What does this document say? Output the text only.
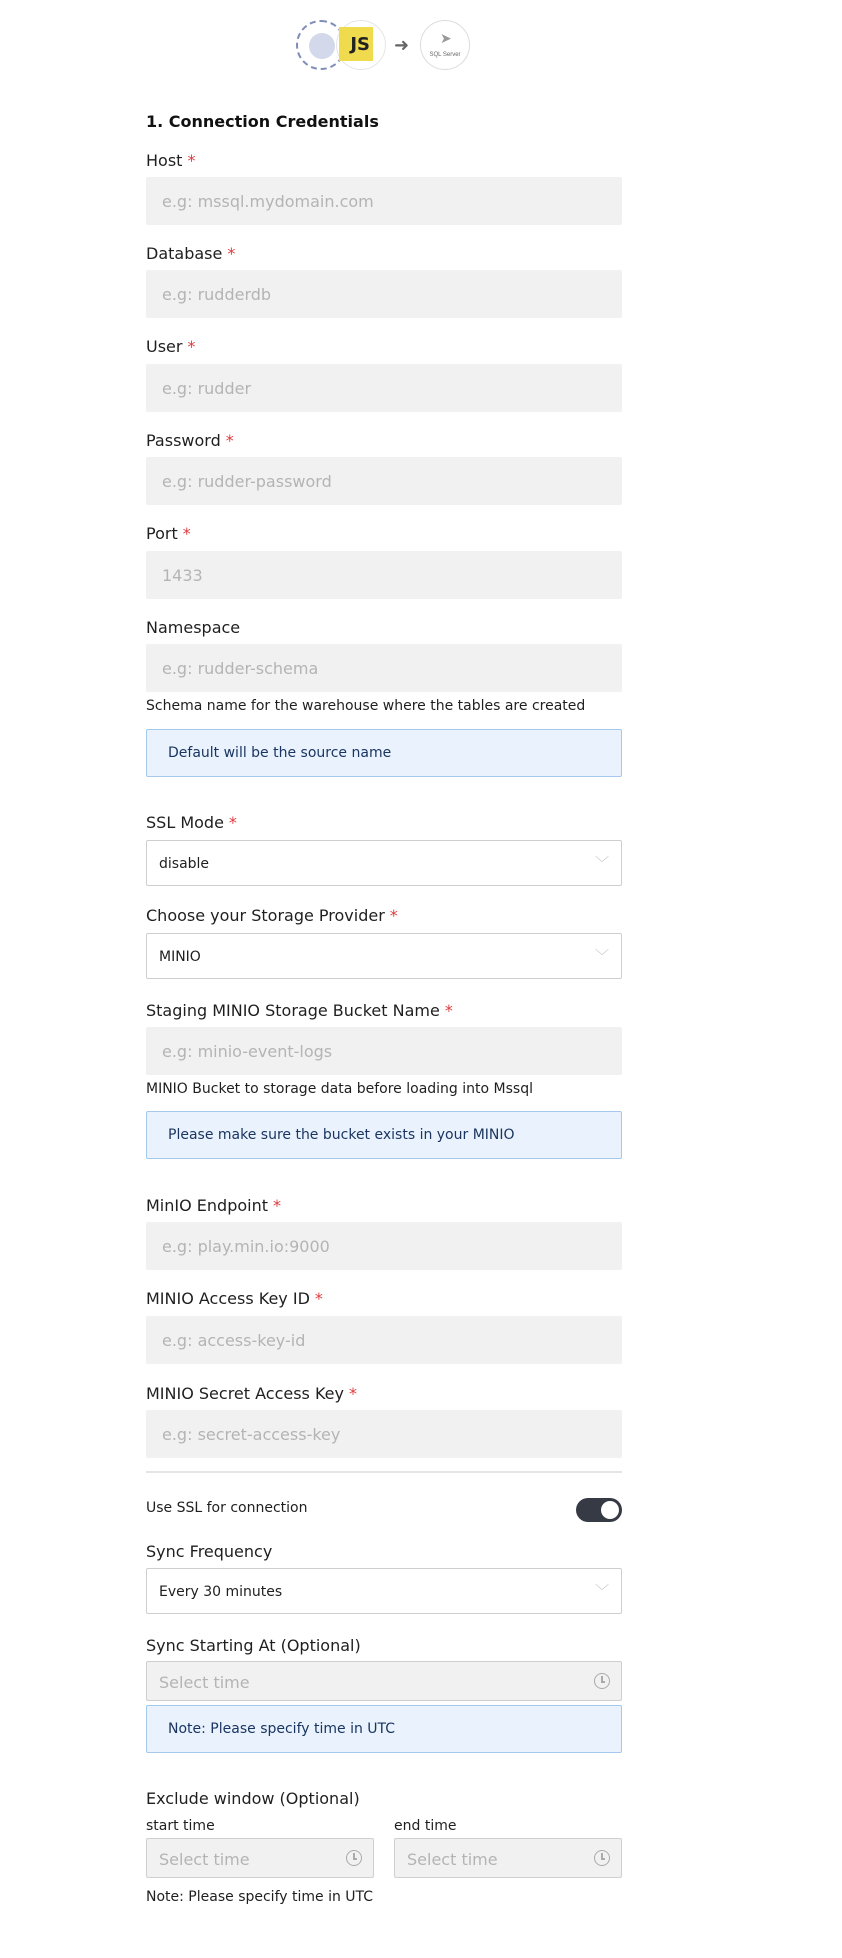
JS ➜ ➤
SQL Server
1. Connection Credentials
Host *
e.g: mssql.mydomain.com
Database *
e.g: rudderdb
User *
e.g: rudder
Password *
e.g: rudder-password
Port *
1433
Namespace
e.g: rudder-schema
Schema name for the warehouse where the tables are created
Default will be the source name
SSL Mode *
disable	﹀
Choose your Storage Provider *
MINIO	﹀
Staging MINIO Storage Bucket Name *
e.g: minio-event-logs
MINIO Bucket to storage data before loading into Mssql
Please make sure the bucket exists in your MINIO
MinIO Endpoint *
e.g: play.min.io:9000
MINIO Access Key ID *
e.g: access-key-id
MINIO Secret Access Key *
e.g: secret-access-key
Use SSL for connection
Sync Frequency
Every 30 minutes	﹀
Sync Starting At (Optional)
Select time
Note: Please specify time in UTC
Exclude window (Optional)
start time	end time
Select time	Select time
Note: Please specify time in UTC
